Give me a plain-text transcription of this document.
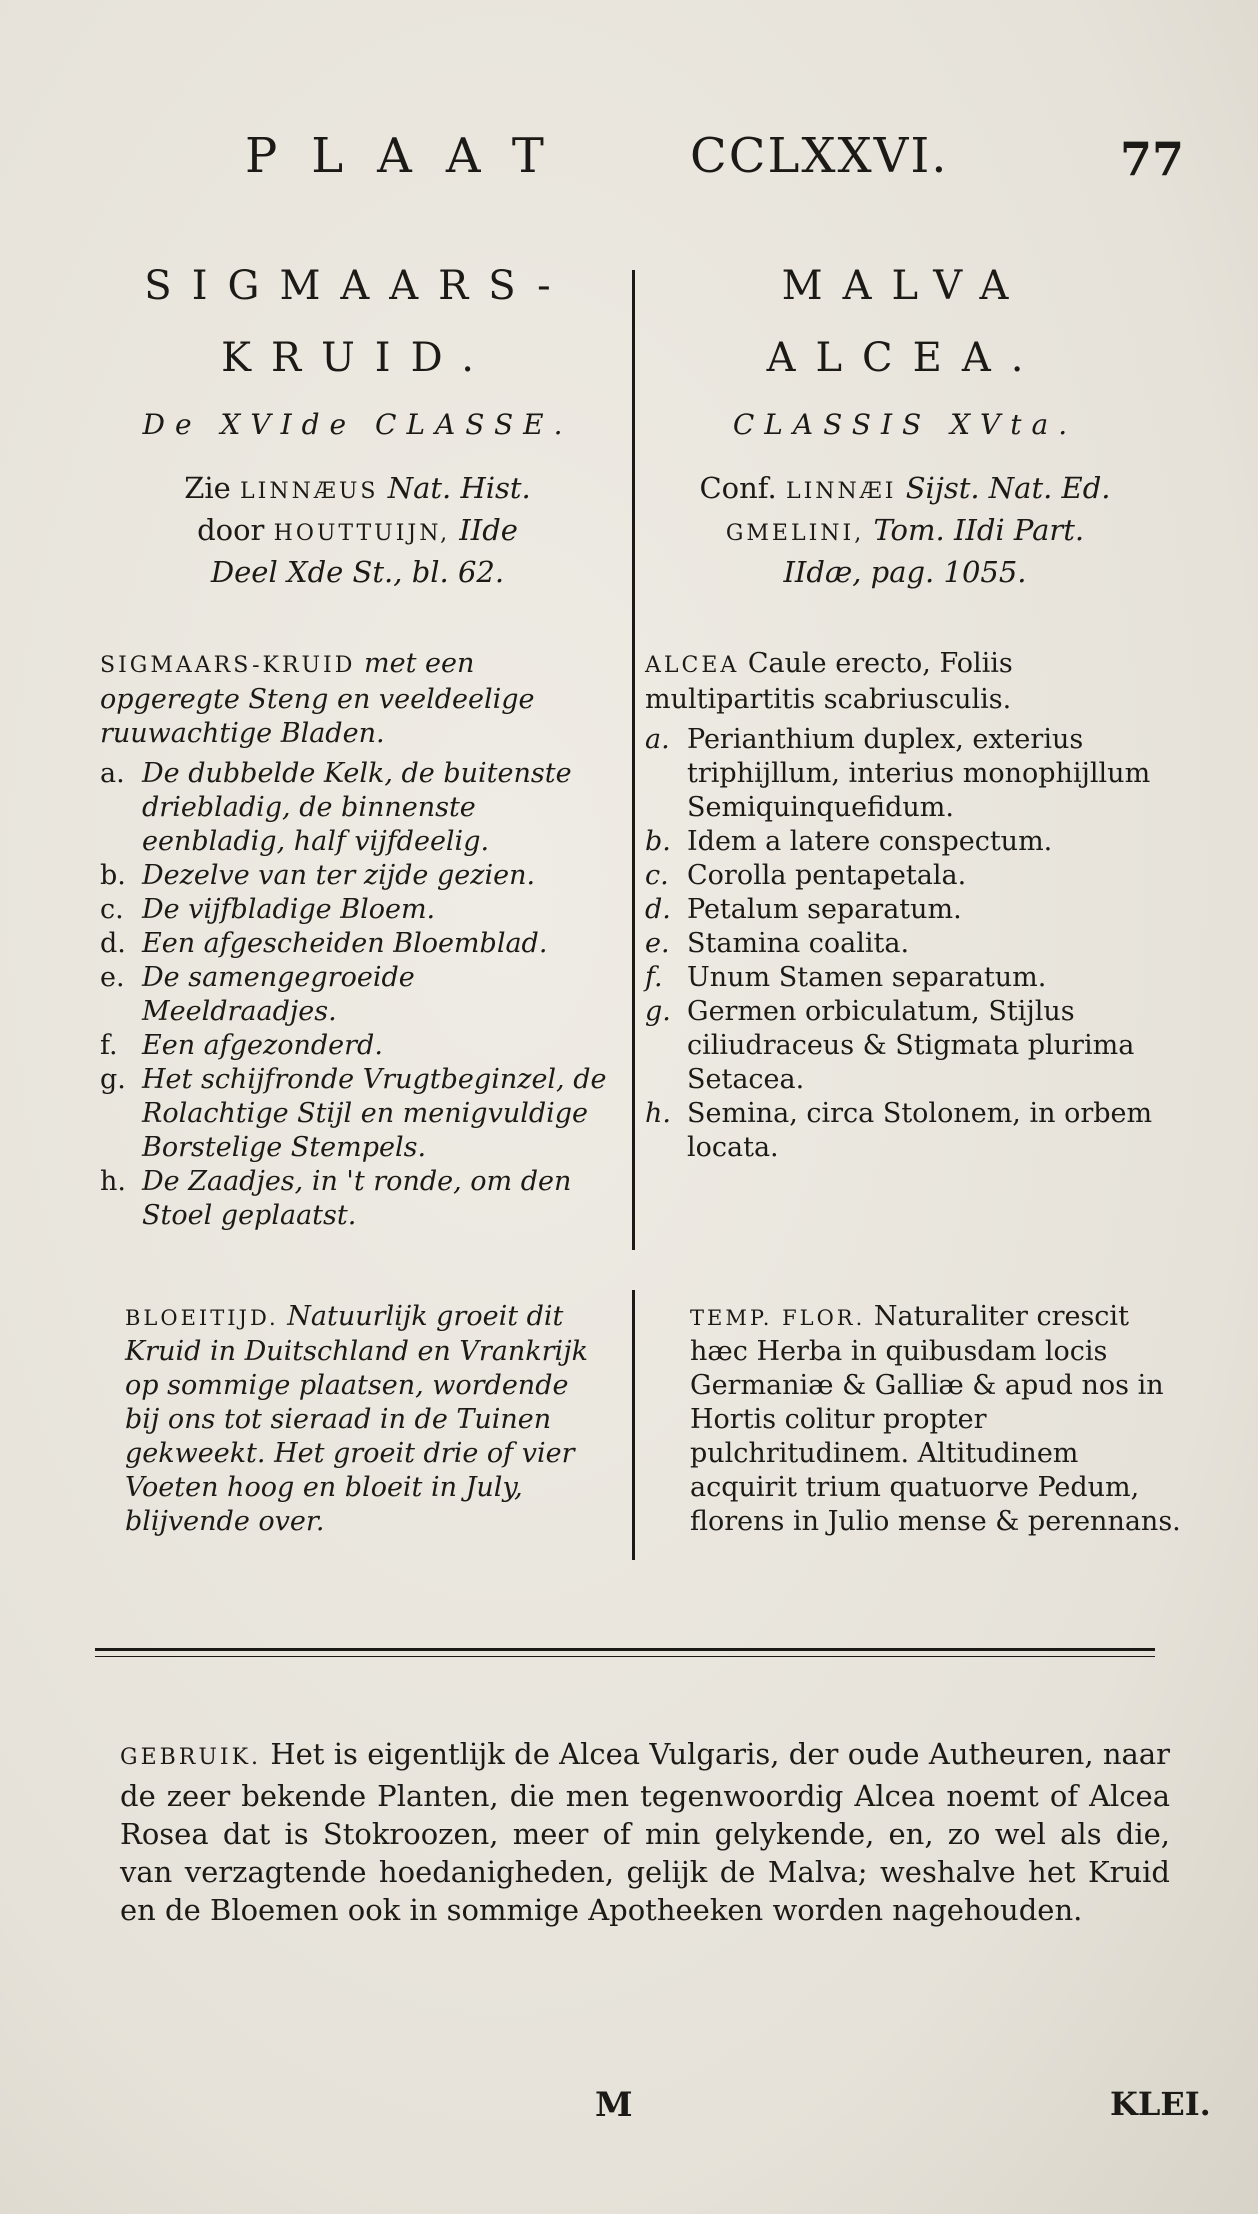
PLAAT CCLXXVI.	77

SIGMAARS-

KRUID.

De XVIde CLASSE.

Zie LINNÆUS Nat. Hist.

door HOUTTUIJN, IIde

Deel Xde St., bl. 62.

SIGMAARS-KRUID met een opgeregte Steng en veeldeelige ruuwachtige Bladen.
a. De dubbelde Kelk, de buitenste driebladig, de binnenste eenbladig, half vijfdeelig.
b. Dezelve van ter zijde gezien.
c. De vijfbladige Bloem.
d. Een afgescheiden Bloemblad.
e. De samengegroeide Meeldraadjes.
f. Een afgezonderd.
g. Het schijfronde Vrugtbeginzel, de Rolachtige Stijl en menigvuldige Borstelige Stempels.
h. De Zaadjes, in 't ronde, om den Stoel geplaatst.

MALVA

ALCEA.

CLASSIS XVta.

Conf. LINNÆI Sijst. Nat. Ed.

GMELINI, Tom. IIdi Part.

IIdæ, pag. 1055.

ALCEA Caule erecto, Foliis multipartitis scabriusculis.
a. Perianthium duplex, exterius triphijllum, interius monophijllum Semiquinquefidum.
b. Idem a latere conspectum.
c. Corolla pentapetala.
d. Petalum separatum.
e. Stamina coalita.
f. Unum Stamen separatum.
g. Germen orbiculatum, Stijlus ciliudraceus & Stigmata plurima Setacea.
h. Semina, circa Stolonem, in orbem locata.
BLOEITIJD. Natuurlijk groeit dit Kruid in Duitschland en Vrankrijk op sommige plaatsen, wordende bij ons tot sieraad in de Tuinen gekweekt. Het groeit drie of vier Voeten hoog en bloeit in July, blijvende over.
TEMP. FLOR. Naturaliter crescit hæc Herba in quibusdam locis Germaniæ & Galliæ & apud nos in Hortis colitur propter pulchritudinem. Altitudinem acquirit trium quatuorve Pedum, florens in Julio mense & perennans.
GEBRUIK. Het is eigentlijk de Alcea Vulgaris, der oude Autheuren, naar de zeer bekende Planten, die men tegenwoordig Alcea noemt of Alcea Rosea dat is Stokroozen, meer of min gelykende, en, zo wel als die, van verzagtende hoedanigheden, gelijk de Malva; weshalve het Kruid en de Bloemen ook in sommige Apotheeken worden nagehouden.
M	KLEI.
